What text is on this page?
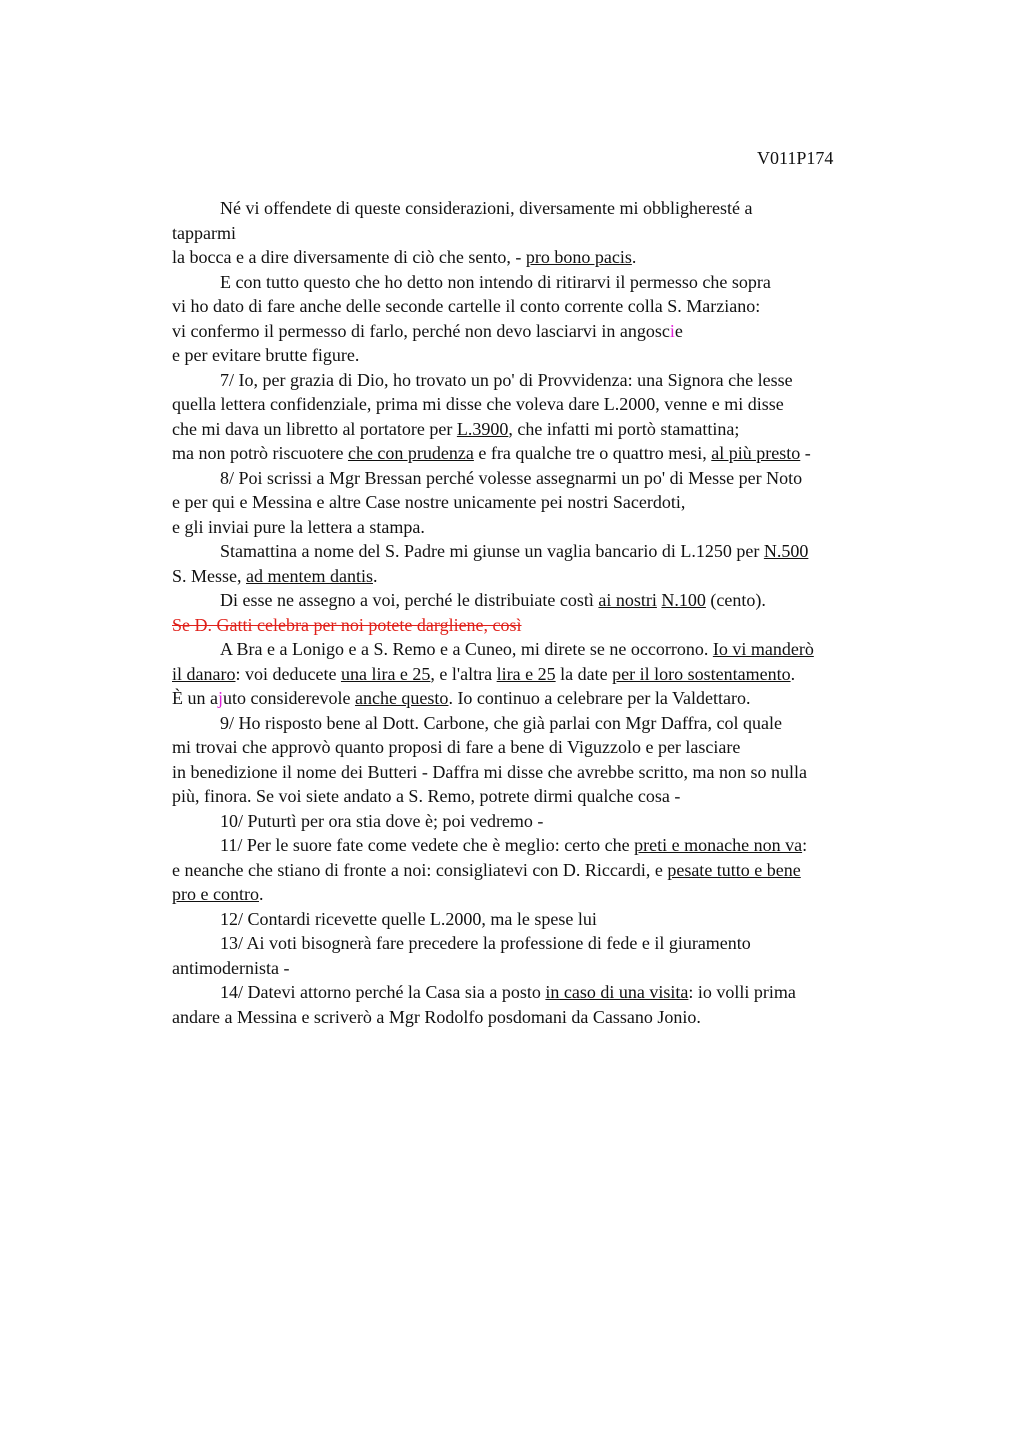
V011P174
Né vi offendete di queste considerazioni, diversamente mi obbligheresté a
tapparmi
la bocca e a dire diversamente di ciò che sento, - pro bono pacis.
E con tutto questo che ho detto non intendo di ritirarvi il permesso che sopra
vi ho dato di fare anche delle seconde cartelle il conto corrente colla S. Marziano:
vi confermo il permesso di farlo, perché non devo lasciarvi in angoscie
e per evitare brutte figure.
7/ Io, per grazia di Dio, ho trovato un po' di Provvidenza: una Signora che lesse
quella lettera confidenziale, prima mi disse che voleva dare L.2000, venne e mi disse
che mi dava un libretto al portatore per L.3900, che infatti mi portò stamattina;
ma non potrò riscuotere che con prudenza e fra qualche tre o quattro mesi, al più presto -
8/ Poi scrissi a Mgr Bressan perché volesse assegnarmi un po' di Messe per Noto
e per qui e Messina e altre Case nostre unicamente pei nostri Sacerdoti,
e gli inviai pure la lettera a stampa.
Stamattina a nome del S. Padre mi giunse un vaglia bancario di L.1250 per N.500
S. Messe, ad mentem dantis.
Di esse ne assegno a voi, perché le distribuiate costì ai nostri N.100 (cento).
Se D. Gatti celebra per noi potete dargliene, così
A Bra e a Lonigo e a S. Remo e a Cuneo, mi direte se ne occorrono. Io vi manderò
il danaro: voi deducete una lira e 25, e l'altra lira e 25 la date per il loro sostentamento.
È un ajuto considerevole anche questo. Io continuo a celebrare per la Valdettaro.
9/ Ho risposto bene al Dott. Carbone, che già parlai con Mgr Daffra, col quale
mi trovai che approvò quanto proposi di fare a bene di Viguzzolo e per lasciare
in benedizione il nome dei Butteri - Daffra mi disse che avrebbe scritto, ma non so nulla
più, finora. Se voi siete andato a S. Remo, potrete dirmi qualche cosa -
10/ Puturtì per ora stia dove è; poi vedremo -
11/ Per le suore fate come vedete che è meglio: certo che preti e monache non va:
e neanche che stiano di fronte a noi: consigliatevi con D. Riccardi, e pesate tutto e bene
pro e contro.
12/ Contardi ricevette quelle L.2000, ma le spese lui
13/ Ai voti bisognerà fare precedere la professione di fede e il giuramento
antimodernista -
14/ Datevi attorno perché la Casa sia a posto in caso di una visita: io volli prima
andare a Messina e scriverò a Mgr Rodolfo posdomani da Cassano Jonio.
